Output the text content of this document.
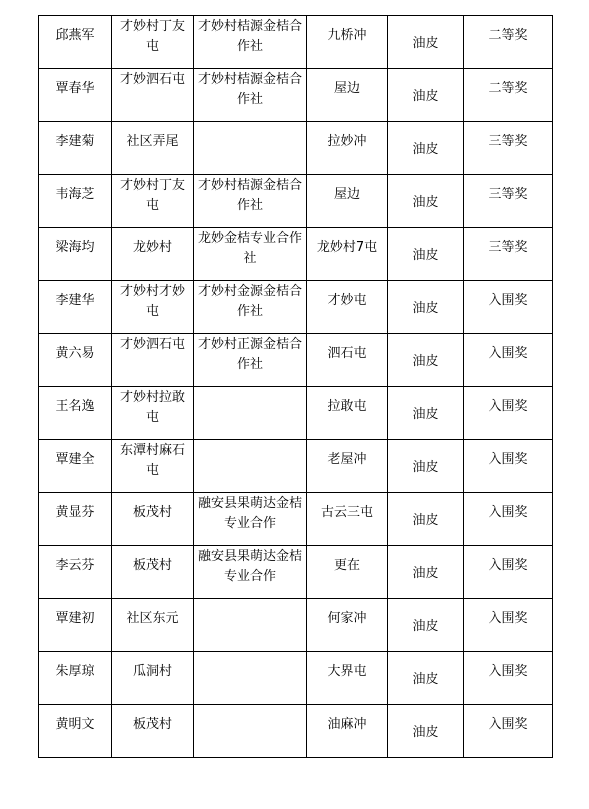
邱燕军	才妙村丁友屯	才妙村桔源金桔合作社	九桥冲	油皮	二等奖
覃春华	才妙泗石屯	才妙村桔源金桔合作社	屋边	油皮	二等奖
李建菊	社区弄尾		拉妙冲	油皮	三等奖
韦海芝	才妙村丁友屯	才妙村桔源金桔合作社	屋边	油皮	三等奖
梁海均	龙妙村	龙妙金桔专业合作社	龙妙村7屯	油皮	三等奖
李建华	才妙村才妙屯	才妙村金源金桔合作社	才妙屯	油皮	入围奖
黄六易	才妙泗石屯	才妙村正源金桔合作社	泗石屯	油皮	入围奖
王名逸	才妙村拉敢屯		拉敢屯	油皮	入围奖
覃建全	东潭村麻石屯		老屋冲	油皮	入围奖
黄显芬	板茂村	融安县果萌达金桔专业合作	古云三屯	油皮	入围奖
李云芬	板茂村	融安县果萌达金桔专业合作	更在	油皮	入围奖
覃建初	社区东元		何家冲	油皮	入围奖
朱厚琼	瓜洞村		大界屯	油皮	入围奖
黄明文	板茂村		油麻冲	油皮	入围奖
